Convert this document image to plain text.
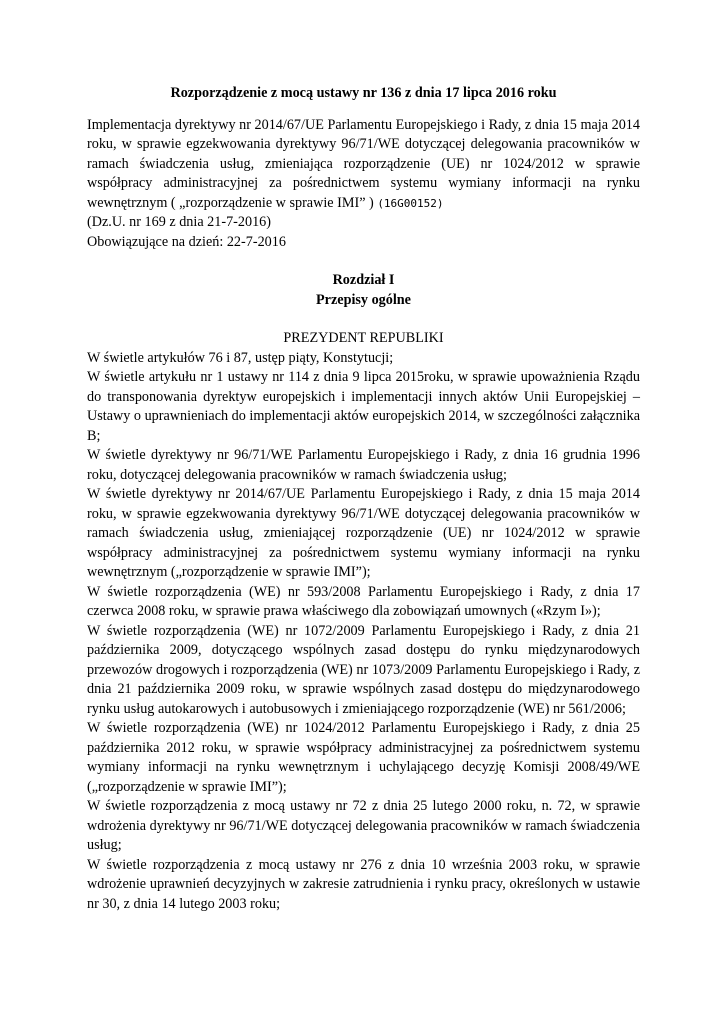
Rozporządzenie z mocą ustawy nr 136 z dnia 17 lipca 2016 roku

Implementacja dyrektywy nr 2014/67/UE Parlamentu Europejskiego i Rady, z dnia 15 maja 2014 roku, w sprawie egzekwowania dyrektywy 96/71/WE dotyczącej delegowania pracowników w ramach świadczenia usług, zmieniająca rozporządzenie (UE) nr 1024/2012 w sprawie współpracy administracyjnej za pośrednictwem systemu wymiany informacji na rynku wewnętrznym ( „rozporządzenie w sprawie IMI” ) (16G00152)

(Dz.U. nr 169 z dnia 21-7-2016)
Obowiązujące na dzień: 22-7-2016
Rozdział I
Przepisy ogólne
PREZYDENT REPUBLIKI

W świetle artykułów 76 i 87, ustęp piąty, Konstytucji;

W świetle artykułu nr 1 ustawy nr 114 z dnia 9 lipca 2015roku, w sprawie upoważnienia Rządu do transponowania dyrektyw europejskich i implementacji innych aktów Unii Europejskiej – Ustawy o uprawnieniach do implementacji aktów europejskich 2014, w szczególności załącznika B;

W świetle dyrektywy nr 96/71/WE Parlamentu Europejskiego i Rady, z dnia 16 grudnia 1996 roku, dotyczącej delegowania pracowników w ramach świadczenia usług;

W świetle dyrektywy nr 2014/67/UE Parlamentu Europejskiego i Rady, z dnia 15 maja 2014 roku, w sprawie egzekwowania dyrektywy 96/71/WE dotyczącej delegowania pracowników w ramach świadczenia usług, zmieniającej rozporządzenie (UE) nr 1024/2012 w sprawie współpracy administracyjnej za pośrednictwem systemu wymiany informacji na rynku wewnętrznym („rozporządzenie w sprawie IMI”);

W świetle rozporządzenia (WE) nr 593/2008 Parlamentu Europejskiego i Rady, z dnia 17 czerwca 2008 roku, w sprawie prawa właściwego dla zobowiązań umownych («Rzym I»);

W świetle rozporządzenia (WE) nr 1072/2009 Parlamentu Europejskiego i Rady, z dnia 21 października 2009, dotyczącego wspólnych zasad dostępu do rynku międzynarodowych przewozów drogowych i rozporządzenia (WE) nr 1073/2009 Parlamentu Europejskiego i Rady, z dnia 21 października 2009 roku, w sprawie wspólnych zasad dostępu do międzynarodowego rynku usług autokarowych i autobusowych i zmieniającego rozporządzenie (WE) nr 561/2006;

W świetle rozporządzenia (WE) nr 1024/2012 Parlamentu Europejskiego i Rady, z dnia 25 października 2012 roku, w sprawie współpracy administracyjnej za pośrednictwem systemu wymiany informacji na rynku wewnętrznym i uchylającego decyzję Komisji 2008/49/WE („rozporządzenie w sprawie IMI”);

W świetle rozporządzenia z mocą ustawy nr 72 z dnia 25 lutego 2000 roku, n. 72, w sprawie wdrożenia dyrektywy nr 96/71/WE dotyczącej delegowania pracowników w ramach świadczenia usług;

W świetle rozporządzenia z mocą ustawy nr 276 z dnia 10 września 2003 roku, w sprawie wdrożenie uprawnień decyzyjnych w zakresie zatrudnienia i rynku pracy, określonych w ustawie nr 30, z dnia 14 lutego 2003 roku;
